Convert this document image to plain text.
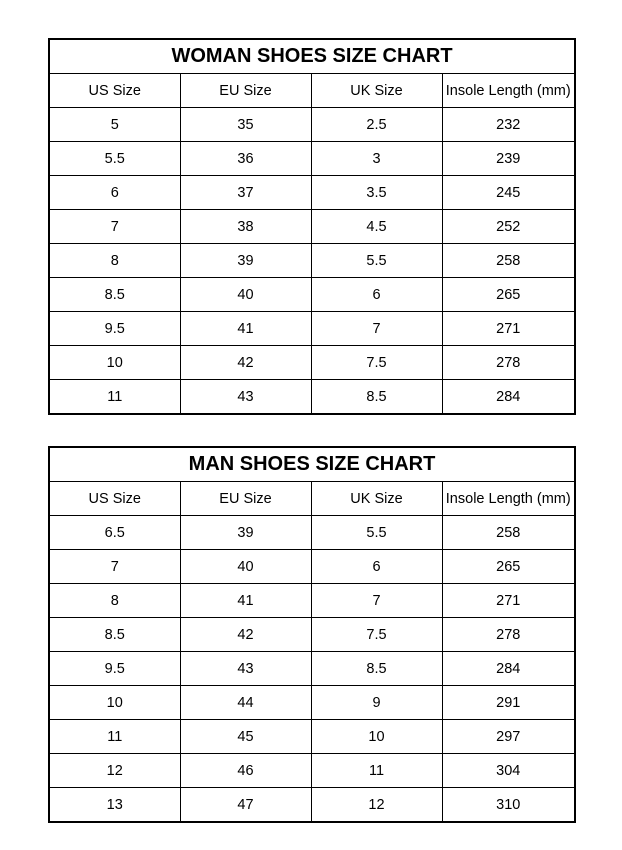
WOMAN SHOES SIZE CHART			
US Size	EU Size	UK Size	Insole Length (mm)
5	35	2.5	232
5.5	36	3	239
6	37	3.5	245
7	38	4.5	252
8	39	5.5	258
8.5	40	6	265
9.5	41	7	271
10	42	7.5	278
11	43	8.5	284
MAN SHOES SIZE CHART			
US Size	EU Size	UK Size	Insole Length (mm)
6.5	39	5.5	258
7	40	6	265
8	41	7	271
8.5	42	7.5	278
9.5	43	8.5	284
10	44	9	291
11	45	10	297
12	46	11	304
13	47	12	310
